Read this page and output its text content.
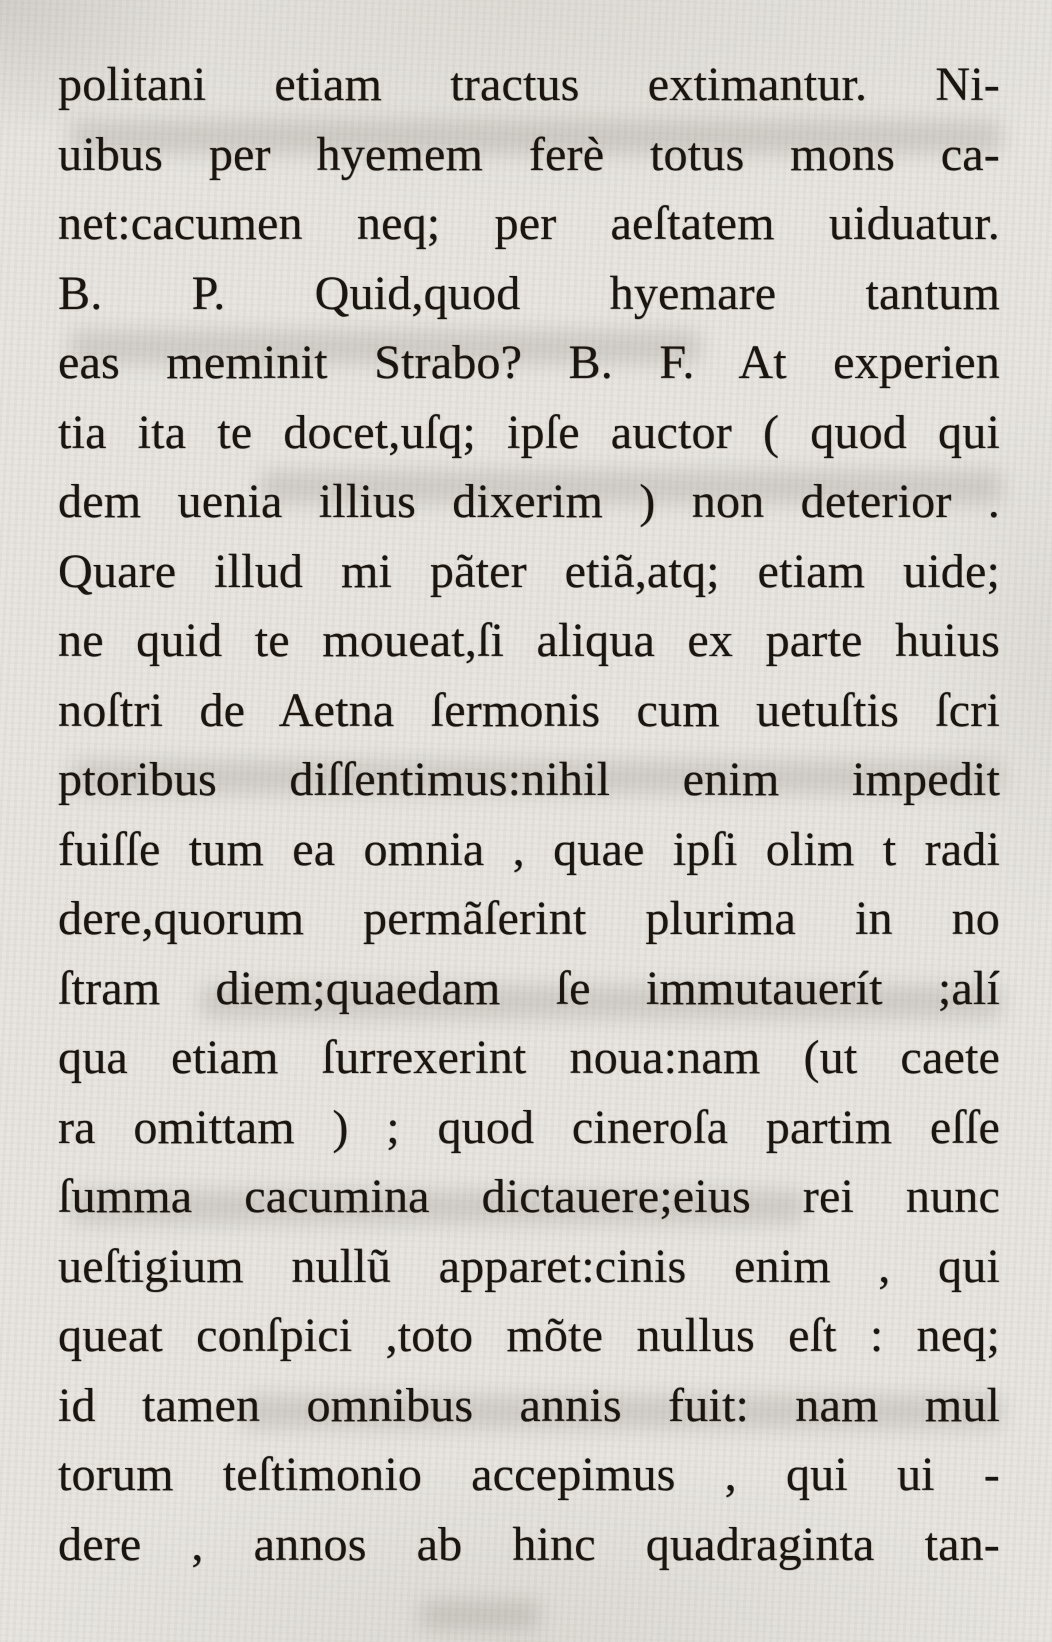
politani etiam tractus extimantur. Ni-
uibus per hyemem ferè totus mons ca-
net:cacumen neq; per aeſtatem uiduatur.
B. P. Quid,quod hyemare tantum
eas meminit Strabo? B. F. At experien
tia ita te docet,uſq; ipſe auctor ( quod qui
dem uenia illius dixerim ) non deterior .
Quare illud mi pãter etiã,atq; etiam uide;
ne quid te moueat,ſi aliqua ex parte huius
noſtri de Aetna ſermonis cum uetuſtis ſcri
ptoribus diſſentimus:nihil enim impedit
fuiſſe tum ea omnia , quae ipſi olim t radi
dere,quorum permãſerint plurima in no
ſtram diem;quaedam ſe immutauerít ;alí
qua etiam ſurrexerint noua:nam (ut caete
ra omittam ) ; quod cineroſa partim eſſe
ſumma cacumina dictauere;eius rei nunc
ueſtigium nullũ apparet:cinis enim , qui
queat conſpici ,toto mõte nullus eſt : neq;
id tamen omnibus annis fuit: nam mul
torum teſtimonio accepimus , qui ui -
dere , annos ab hinc quadraginta tan-
